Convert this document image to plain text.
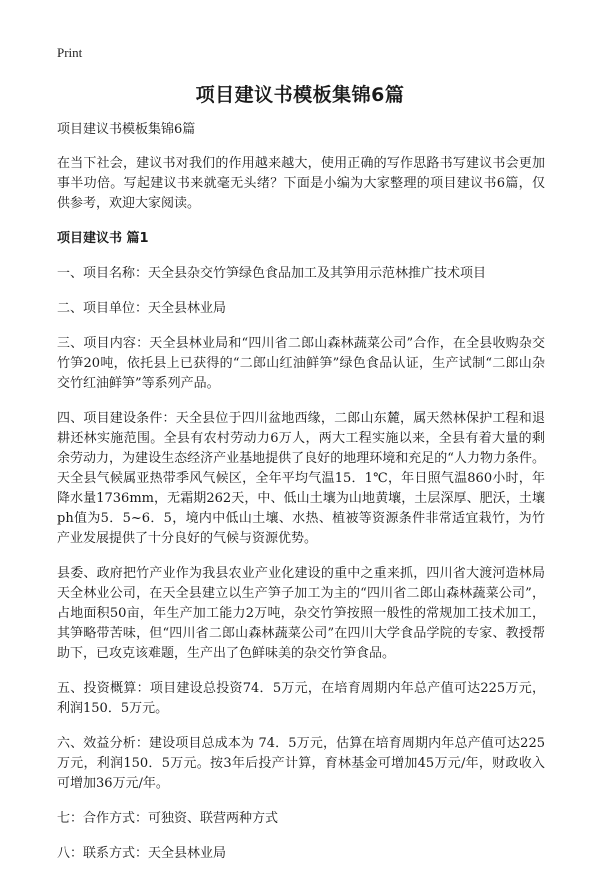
Print
项目建议书模板集锦6篇

项目建议书模板集锦6篇

在当下社会，建议书对我们的作用越来越大，使用正确的写作思路书写建议书会更加事半功倍。写起建议书来就毫无头绪？下面是小编为大家整理的项目建议书6篇，仅供参考，欢迎大家阅读。

项目建议书 篇1

一、项目名称：天全县杂交竹笋绿色食品加工及其笋用示范林推广技术项目

二、项目单位：天全县林业局

三、项目内容：天全县林业局和“四川省二郎山森林蔬菜公司”合作，在全县收购杂交竹笋20吨，依托县上已获得的“二郎山红油鲜笋”绿色食品认证，生产试制“二郎山杂交竹红油鲜笋”等系列产品。

四、项目建设条件：天全县位于四川盆地西缘，二郎山东麓，属天然林保护工程和退耕还林实施范围。全县有农村劳动力6万人，两大工程实施以来，全县有着大量的剩余劳动力，为建设生态经济产业基地提供了良好的地理环境和充足的“人力物力条件。天全县气候属亚热带季风气候区，全年平均气温15．1℃，年日照气温860小时，年降水量1736mm，无霜期262天，中、低山土壤为山地黄壤，土层深厚、肥沃，土壤ph值为5．5~6．5，境内中低山土壤、水热、植被等资源条件非常适宜栽竹，为竹产业发展提供了十分良好的气候与资源优势。

县委、政府把竹产业作为我县农业产业化建设的重中之重来抓，四川省大渡河造林局天全林业公司，在天全县建立以生产笋子加工为主的“四川省二郎山森林蔬菜公司”，占地面积50亩，年生产加工能力2万吨，杂交竹笋按照一般性的常规加工技术加工，其笋略带苦味，但“四川省二郎山森林蔬菜公司”在四川大学食品学院的专家、教授帮助下，已攻克该难题，生产出了色鲜味美的杂交竹笋食品。

五、投资概算：项目建设总投资74．5万元，在培育周期内年总产值可达225万元，利润150．5万元。

六、效益分析：建设项目总成本为 74．5万元，估算在培育周期内年总产值可达225万元，利润150．5万元。按3年后投产计算，育林基金可增加45万元/年，财政收入可增加36万元/年。

七：合作方式：可独资、联营两种方式

八：联系方式：天全县林业局
